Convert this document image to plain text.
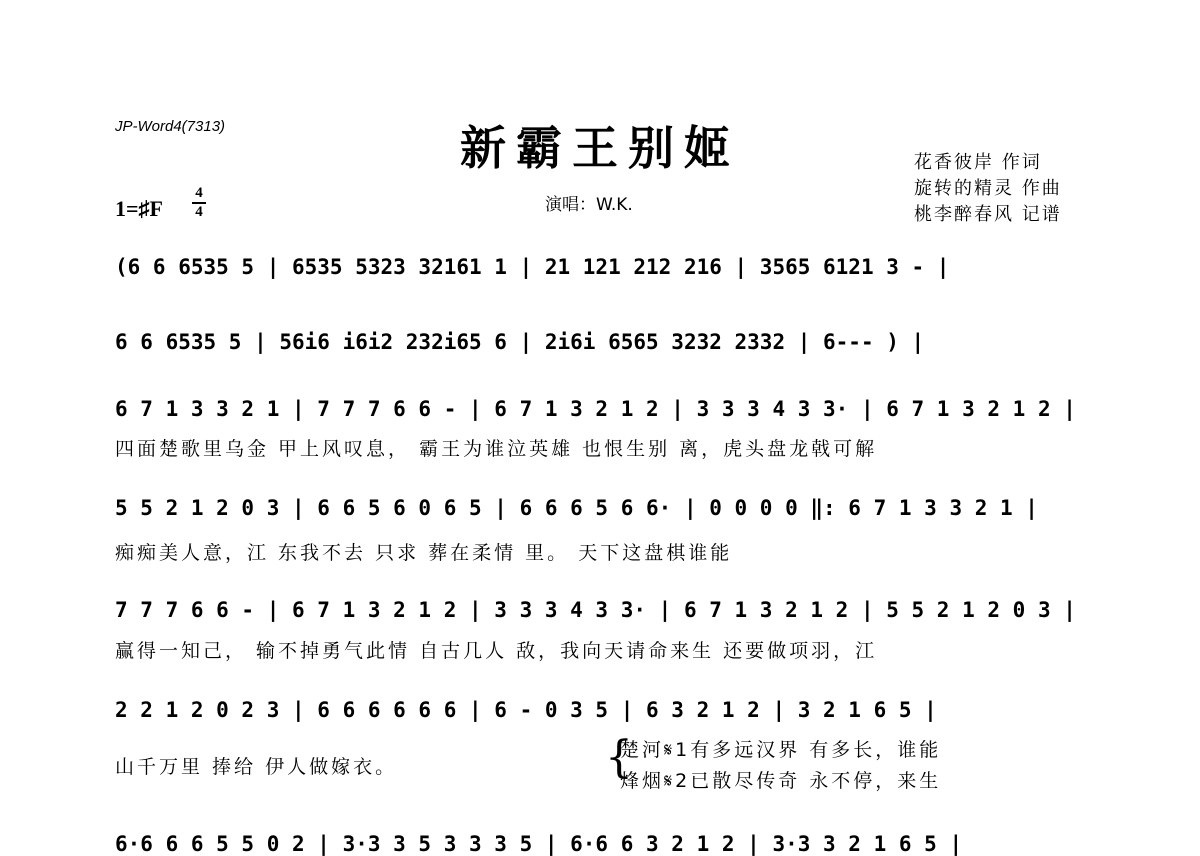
JP-Word4(7313)	新霸王别姬
演唱：W.K.
花香彼岸 作词
旋转的精灵 作曲
桃李醉春风 记谱
1=♯F
4
4
(6 6 6535 5 | 6535 5323 32161 1 | 21 121 212 216 | 3565 6121 3 - |
6 6 6535 5 | 56i6 i6i2 232i65 6 | 2i6i 6565 3232 2332 | 6--- ) |
6 7 1 3 3 2 1 | 7 7 7 6 6 - | 6 7 1 3 2 1 2 | 3 3 3 4 3 3· | 6 7 1 3 2 1 2 |
四面楚歌里乌金 甲上风叹息， 霸王为谁泣英雄 也恨生别 离，虎头盘龙戟可解
5 5 2 1 2 0 3 | 6 6 5 6 0 6 5 | 6 6 6 5 6 6· | 0 0 0 0 ‖: 6 7 1 3 3 2 1 |
痴痴美人意，江 东我不去 只求 葬在柔情 里。 天下这盘棋谁能
7 7 7 6 6 - | 6 7 1 3 2 1 2 | 3 3 3 4 3 3· | 6 7 1 3 2 1 2 | 5 5 2 1 2 0 3 |
赢得一知己， 输不掉勇气此情 自古几人 敌，我向天请命来生 还要做项羽，江
2 2 1 2 0 2 3 | 6 6 6 6 6 6 | 6 - 0 3 5 | 6 3 2 1 2 | 3 2 1 6 5 |
山千万里 捧给 伊人做嫁衣。	{
楚河𝄋1有多远汉界 有多长，谁能
烽烟𝄋2已散尽传奇 永不停，来生
6·6 6 6 5 5 0 2 | 3·3 3 5 3 3 3 5 | 6·6 6 3 2 1 2 | 3·3 3 2 1 6 5 |
